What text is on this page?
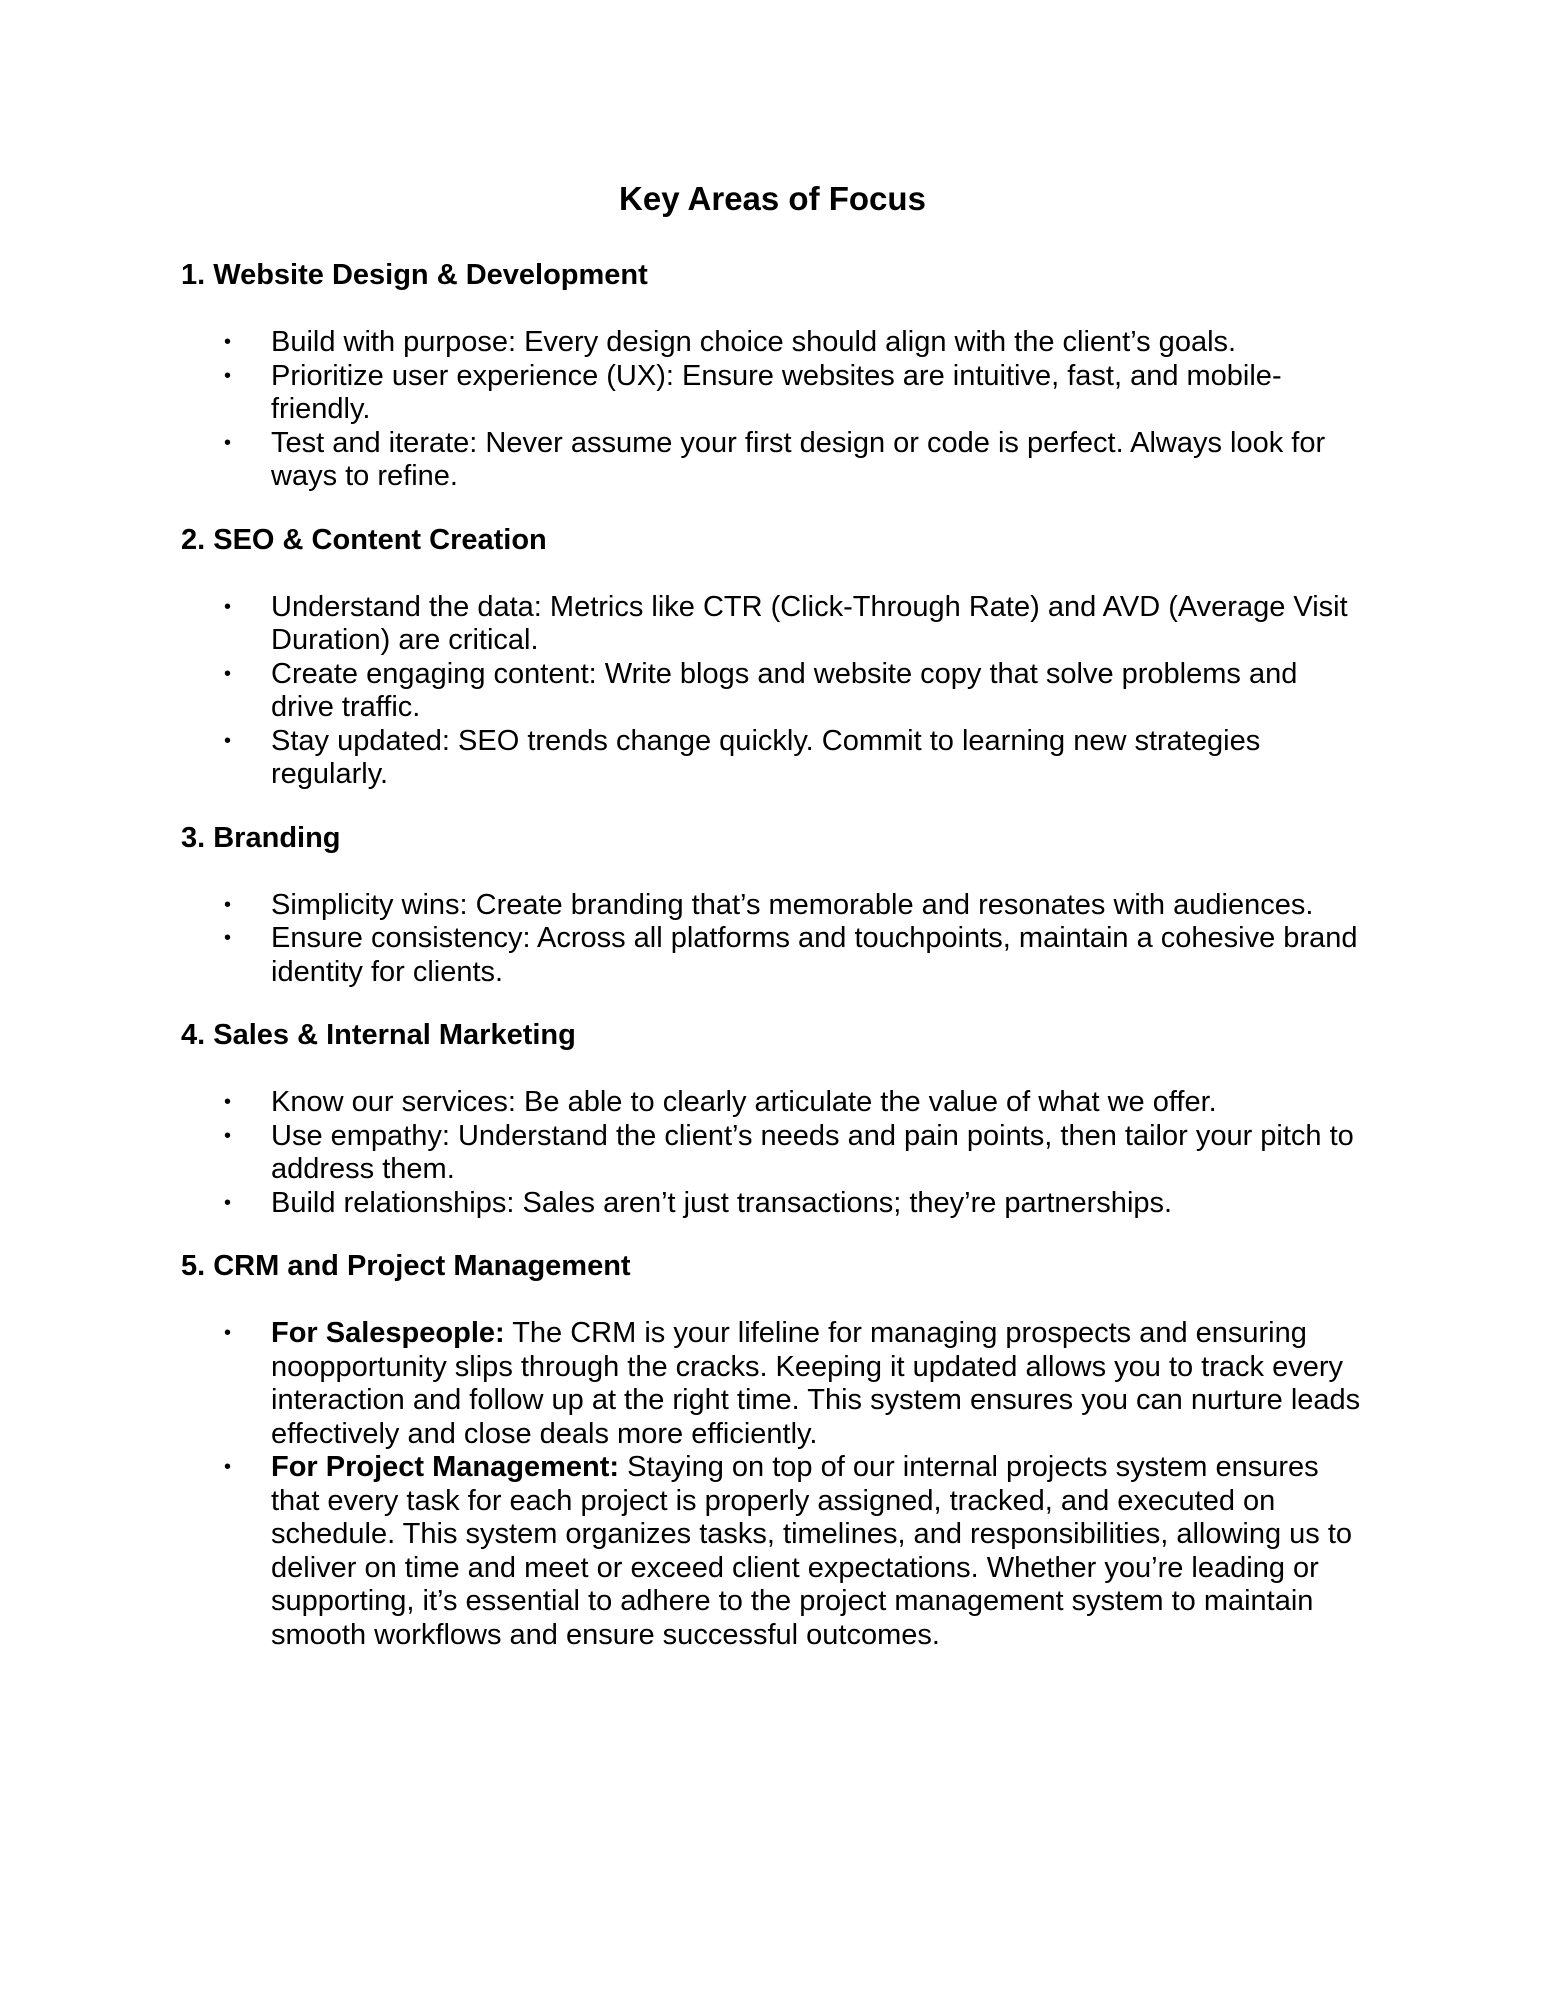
Key Areas of Focus
1. Website Design & Development
• Build with purpose: Every design choice should align with the client’s goals.
• Prioritize user experience (UX): Ensure websites are intuitive, fast, and mobile-friendly.
• Test and iterate: Never assume your first design or code is perfect. Always look for ways to refine.
2. SEO & Content Creation
• Understand the data: Metrics like CTR (Click-Through Rate) and AVD (Average Visit Duration) are critical.
• Create engaging content: Write blogs and website copy that solve problems and drive traffic.
• Stay updated: SEO trends change quickly. Commit to learning new strategies regularly.
3. Branding
• Simplicity wins: Create branding that’s memorable and resonates with audiences.
• Ensure consistency: Across all platforms and touchpoints, maintain a cohesive brand identity for clients.
4. Sales & Internal Marketing
• Know our services: Be able to clearly articulate the value of what we offer.
• Use empathy: Understand the client’s needs and pain points, then tailor your pitch to address them.
• Build relationships: Sales aren’t just transactions; they’re partnerships.
5. CRM and Project Management
• For Salespeople: The CRM is your lifeline for managing prospects and ensuring noopportunity slips through the cracks. Keeping it updated allows you to track every interaction and follow up at the right time. This system ensures you can nurture leads effectively and close deals more efficiently.
• For Project Management: Staying on top of our internal projects system ensures that every task for each project is properly assigned, tracked, and executed on schedule. This system organizes tasks, timelines, and responsibilities, allowing us to deliver on time and meet or exceed client expectations. Whether you’re leading or supporting, it’s essential to adhere to the project management system to maintain smooth workflows and ensure successful outcomes.
